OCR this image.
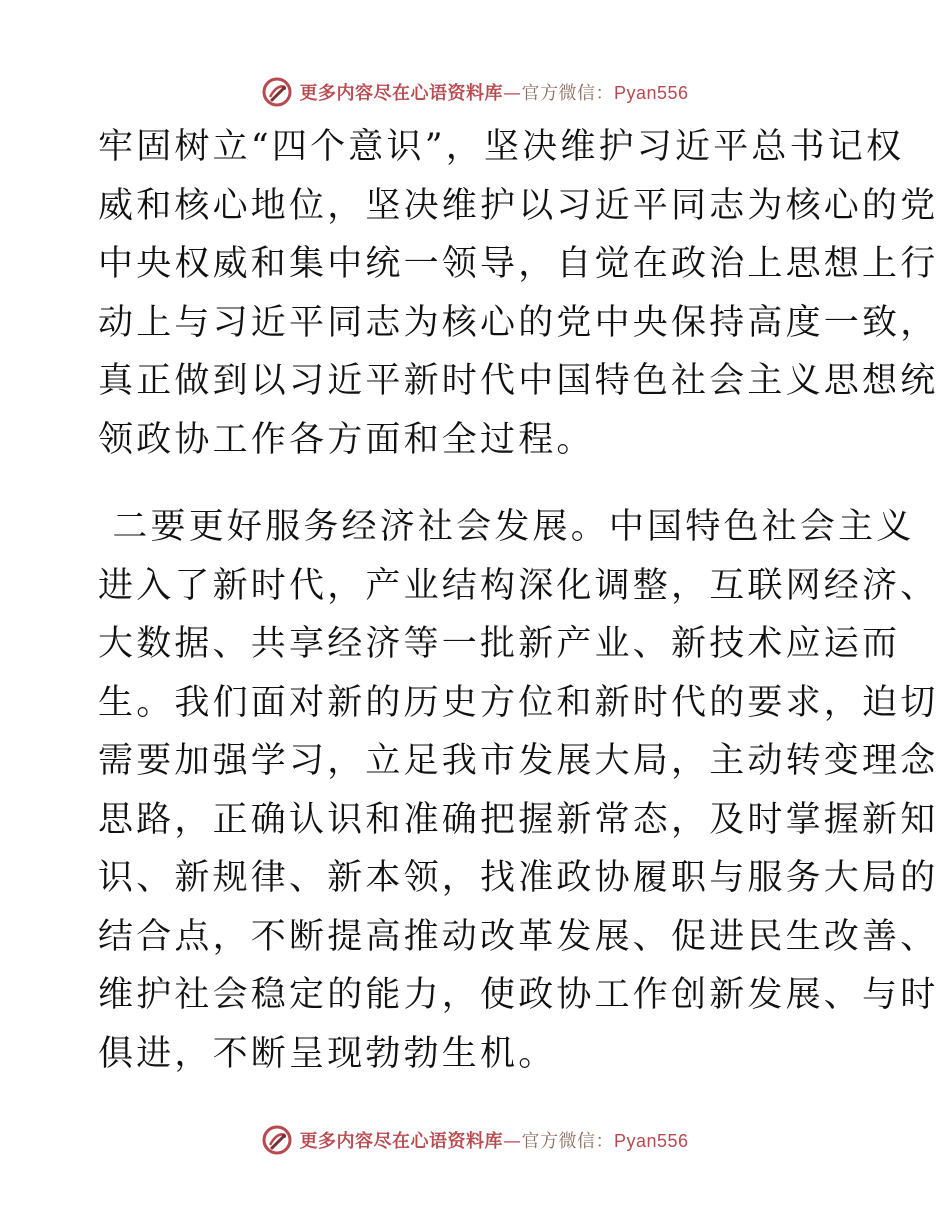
更多内容尽在心语资料库—官方微信：Pyan556

牢固树立“四个意识”，坚决维护习近平总书记权

威和核心地位，坚决维护以习近平同志为核心的党

中央权威和集中统一领导，自觉在政治上思想上行

动上与习近平同志为核心的党中央保持高度一致，

真正做到以习近平新时代中国特色社会主义思想统

领政协工作各方面和全过程。

二要更好服务经济社会发展。中国特色社会主义

进入了新时代，产业结构深化调整，互联网经济、

大数据、共享经济等一批新产业、新技术应运而

生。我们面对新的历史方位和新时代的要求，迫切

需要加强学习，立足我市发展大局，主动转变理念

思路，正确认识和准确把握新常态，及时掌握新知

识、新规律、新本领，找准政协履职与服务大局的

结合点，不断提高推动改革发展、促进民生改善、

维护社会稳定的能力，使政协工作创新发展、与时

俱进，不断呈现勃勃生机。

更多内容尽在心语资料库—官方微信：Pyan556
